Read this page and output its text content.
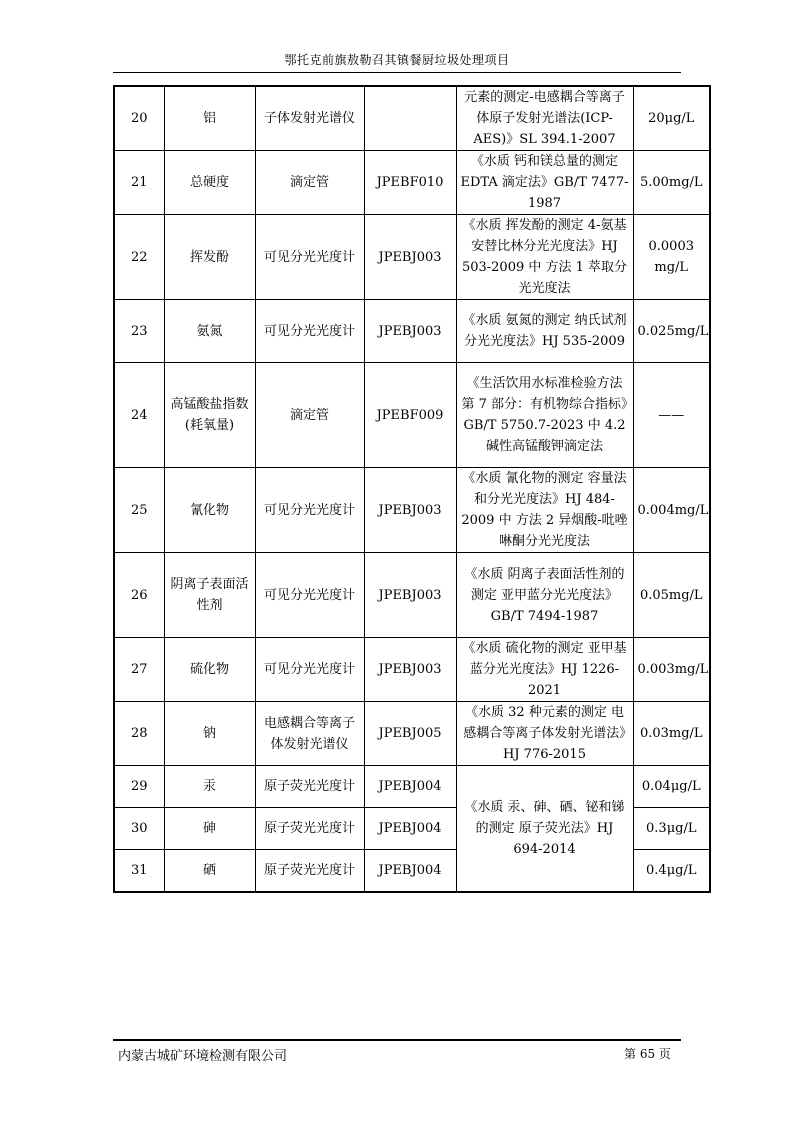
鄂托克前旗敖勒召其镇餐厨垃圾处理项目
20	铝	子体发射光谱仪		元素的测定-电感耦合等离子体原子发射光谱法(ICP-AES)》SL 394.1-2007	20μg/L
21	总硬度	滴定管	JPEBF010	《水质 钙和镁总量的测定 EDTA 滴定法》GB/T 7477-1987	5.00mg/L
22	挥发酚	可见分光光度计	JPEBJ003	《水质 挥发酚的测定 4-氨基安替比林分光光度法》HJ 503-2009 中 方法 1 萃取分光光度法	0.0003 mg/L
23	氨氮	可见分光光度计	JPEBJ003	《水质 氨氮的测定 纳氏试剂分光光度法》HJ 535-2009	0.025mg/L
24	高锰酸盐指数(耗氧量)	滴定管	JPEBF009	《生活饮用水标准检验方法 第 7 部分：有机物综合指标》GB/T 5750.7-2023 中 4.2 碱性高锰酸钾滴定法	——
25	氰化物	可见分光光度计	JPEBJ003	《水质 氰化物的测定 容量法和分光光度法》HJ 484-2009 中 方法 2 异烟酸-吡唑啉酮分光光度法	0.004mg/L
26	阴离子表面活性剂	可见分光光度计	JPEBJ003	《水质 阴离子表面活性剂的测定 亚甲蓝分光光度法》GB/T 7494-1987	0.05mg/L
27	硫化物	可见分光光度计	JPEBJ003	《水质 硫化物的测定 亚甲基蓝分光光度法》HJ 1226-2021	0.003mg/L
28	钠	电感耦合等离子体发射光谱仪	JPEBJ005	《水质 32 种元素的测定 电感耦合等离子体发射光谱法》HJ 776-2015	0.03mg/L
29	汞	原子荧光光度计	JPEBJ004	《水质 汞、砷、硒、铋和锑的测定 原子荧光法》HJ 694-2014	0.04μg/L
30	砷	原子荧光光度计	JPEBJ004		0.3μg/L
31	硒	原子荧光光度计	JPEBJ004		0.4μg/L
内蒙古城矿环境检测有限公司	第 65 页
